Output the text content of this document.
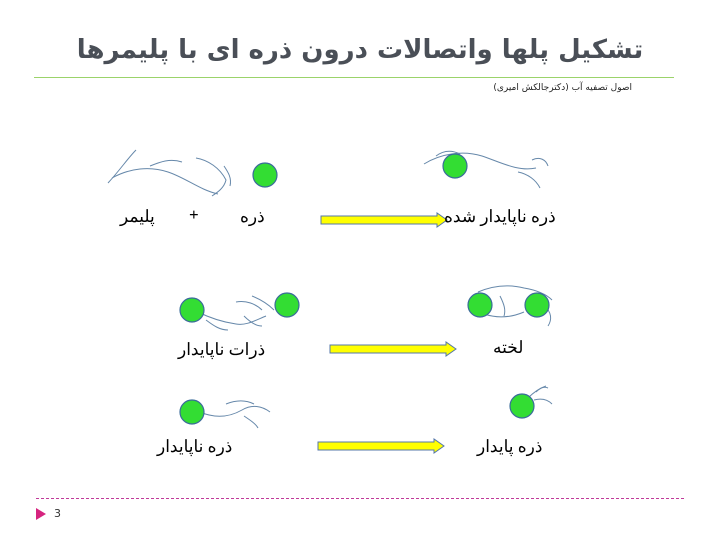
تشکیل پلها واتصالات درون ذره ای با پلیمرها
اصول تصفیه آب (دکترجالکش امیری)
پلیمر + ذره	ذره ناپایدار شده
ذرات ناپایدار	لخته
ذره ناپایدار	ذره پایدار
3
